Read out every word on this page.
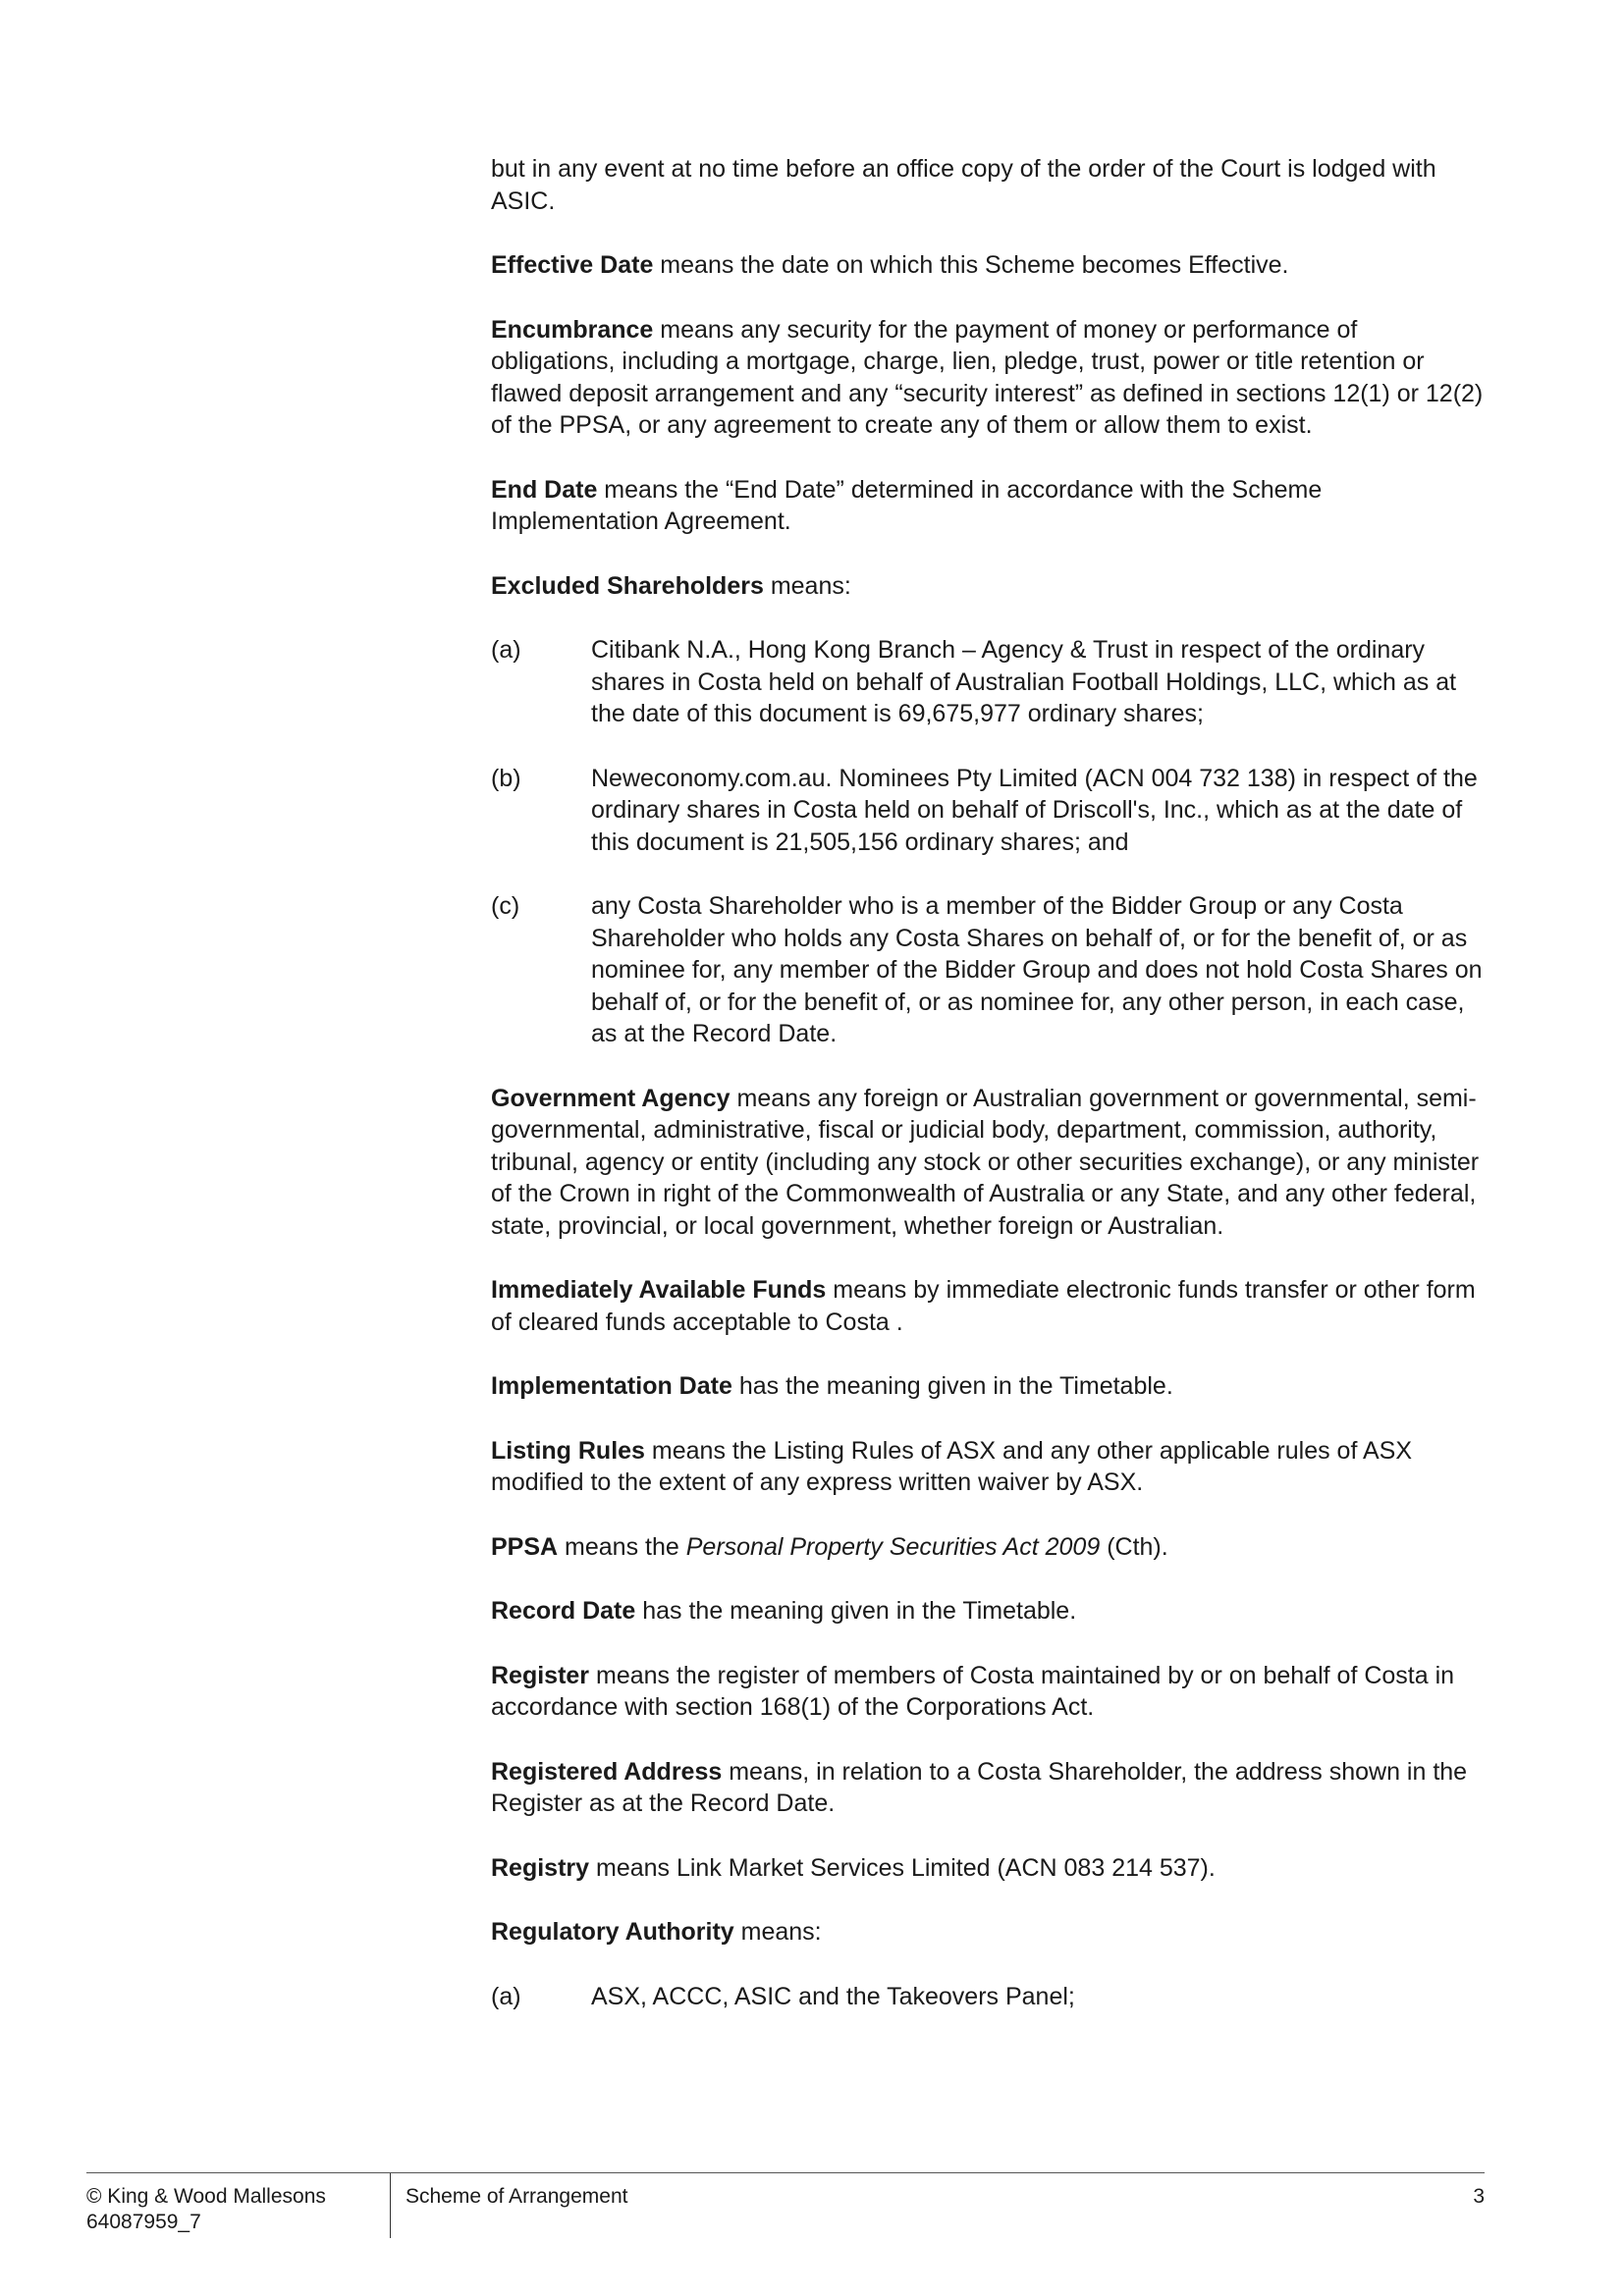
but in any event at no time before an office copy of the order of the Court is lodged with ASIC.

Effective Date means the date on which this Scheme becomes Effective.

Encumbrance means any security for the payment of money or performance of obligations, including a mortgage, charge, lien, pledge, trust, power or title retention or flawed deposit arrangement and any “security interest” as defined in sections 12(1) or 12(2) of the PPSA, or any agreement to create any of them or allow them to exist.

End Date means the “End Date” determined in accordance with the Scheme Implementation Agreement.

Excluded Shareholders means:

(a)	Citibank N.A., Hong Kong Branch – Agency & Trust in respect of the ordinary shares in Costa held on behalf of Australian Football Holdings, LLC, which as at the date of this document is 69,675,977 ordinary shares;
(b)	Neweconomy.com.au. Nominees Pty Limited (ACN 004 732 138) in respect of the ordinary shares in Costa held on behalf of Driscoll's, Inc., which as at the date of this document is 21,505,156 ordinary shares; and
(c)	any Costa Shareholder who is a member of the Bidder Group or any Costa Shareholder who holds any Costa Shares on behalf of, or for the benefit of, or as nominee for, any member of the Bidder Group and does not hold Costa Shares on behalf of, or for the benefit of, or as nominee for, any other person, in each case, as at the Record Date.

Government Agency means any foreign or Australian government or governmental, semi-governmental, administrative, fiscal or judicial body, department, commission, authority, tribunal, agency or entity (including any stock or other securities exchange), or any minister of the Crown in right of the Commonwealth of Australia or any State, and any other federal, state, provincial, or local government, whether foreign or Australian.

Immediately Available Funds means by immediate electronic funds transfer or other form of cleared funds acceptable to Costa .

Implementation Date has the meaning given in the Timetable.

Listing Rules means the Listing Rules of ASX and any other applicable rules of ASX modified to the extent of any express written waiver by ASX.

PPSA means the Personal Property Securities Act 2009 (Cth).

Record Date has the meaning given in the Timetable.

Register means the register of members of Costa maintained by or on behalf of Costa in accordance with section 168(1) of the Corporations Act.

Registered Address means, in relation to a Costa Shareholder, the address shown in the Register as at the Record Date.

Registry means Link Market Services Limited (ACN 083 214 537).

Regulatory Authority means:

(a)	ASX, ACCC, ASIC and the Takeovers Panel;
© King & Wood Mallesons
64087959_7
Scheme of Arrangement	3
